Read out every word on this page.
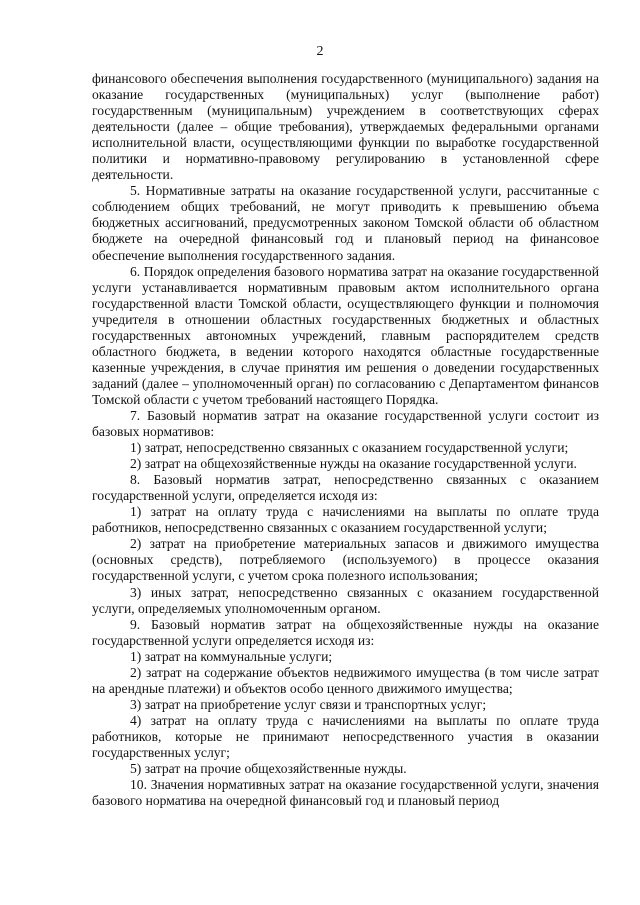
2

финансового обеспечения выполнения государственного (муниципального) задания на оказание государственных (муниципальных) услуг (выполнение работ) государственным (муниципальным) учреждением в соответствующих сферах деятельности (далее – общие требования), утверждаемых федеральными органами исполнительной власти, осуществляющими функции по выработке государственной политики и нормативно-правовому регулированию в установленной сфере деятельности.

5. Нормативные затраты на оказание государственной услуги, рассчитанные с соблюдением общих требований, не могут приводить к превышению объема бюджетных ассигнований, предусмотренных законом Томской области об областном бюджете на очередной финансовый год и плановый период на финансовое обеспечение выполнения государственного задания.

6. Порядок определения базового норматива затрат на оказание государственной услуги устанавливается нормативным правовым актом исполнительного органа государственной власти Томской области, осуществляющего функции и полномочия учредителя в отношении областных государственных бюджетных и областных государственных автономных учреждений, главным распорядителем средств областного бюджета, в ведении которого находятся областные государственные казенные учреждения, в случае принятия им решения о доведении государственных заданий (далее – уполномоченный орган) по согласованию с Департаментом финансов Томской области с учетом требований настоящего Порядка.

7. Базовый норматив затрат на оказание государственной услуги состоит из базовых нормативов:

1) затрат, непосредственно связанных с оказанием государственной услуги;

2) затрат на общехозяйственные нужды на оказание государственной услуги.

8. Базовый норматив затрат, непосредственно связанных с оказанием государственной услуги, определяется исходя из:

1) затрат на оплату труда с начислениями на выплаты по оплате труда работников, непосредственно связанных с оказанием государственной услуги;

2) затрат на приобретение материальных запасов и движимого имущества (основных средств), потребляемого (используемого) в процессе оказания государственной услуги, с учетом срока полезного использования;

3) иных затрат, непосредственно связанных с оказанием государственной услуги, определяемых уполномоченным органом.

9. Базовый норматив затрат на общехозяйственные нужды на оказание государственной услуги определяется исходя из:

1) затрат на коммунальные услуги;

2) затрат на содержание объектов недвижимого имущества (в том числе затрат на арендные платежи) и объектов особо ценного движимого имущества;

3) затрат на приобретение услуг связи и транспортных услуг;

4) затрат на оплату труда с начислениями на выплаты по оплате труда работников, которые не принимают непосредственного участия в оказании государственных услуг;

5) затрат на прочие общехозяйственные нужды.

10. Значения нормативных затрат на оказание государственной услуги, значения базового норматива на очередной финансовый год и плановый период
